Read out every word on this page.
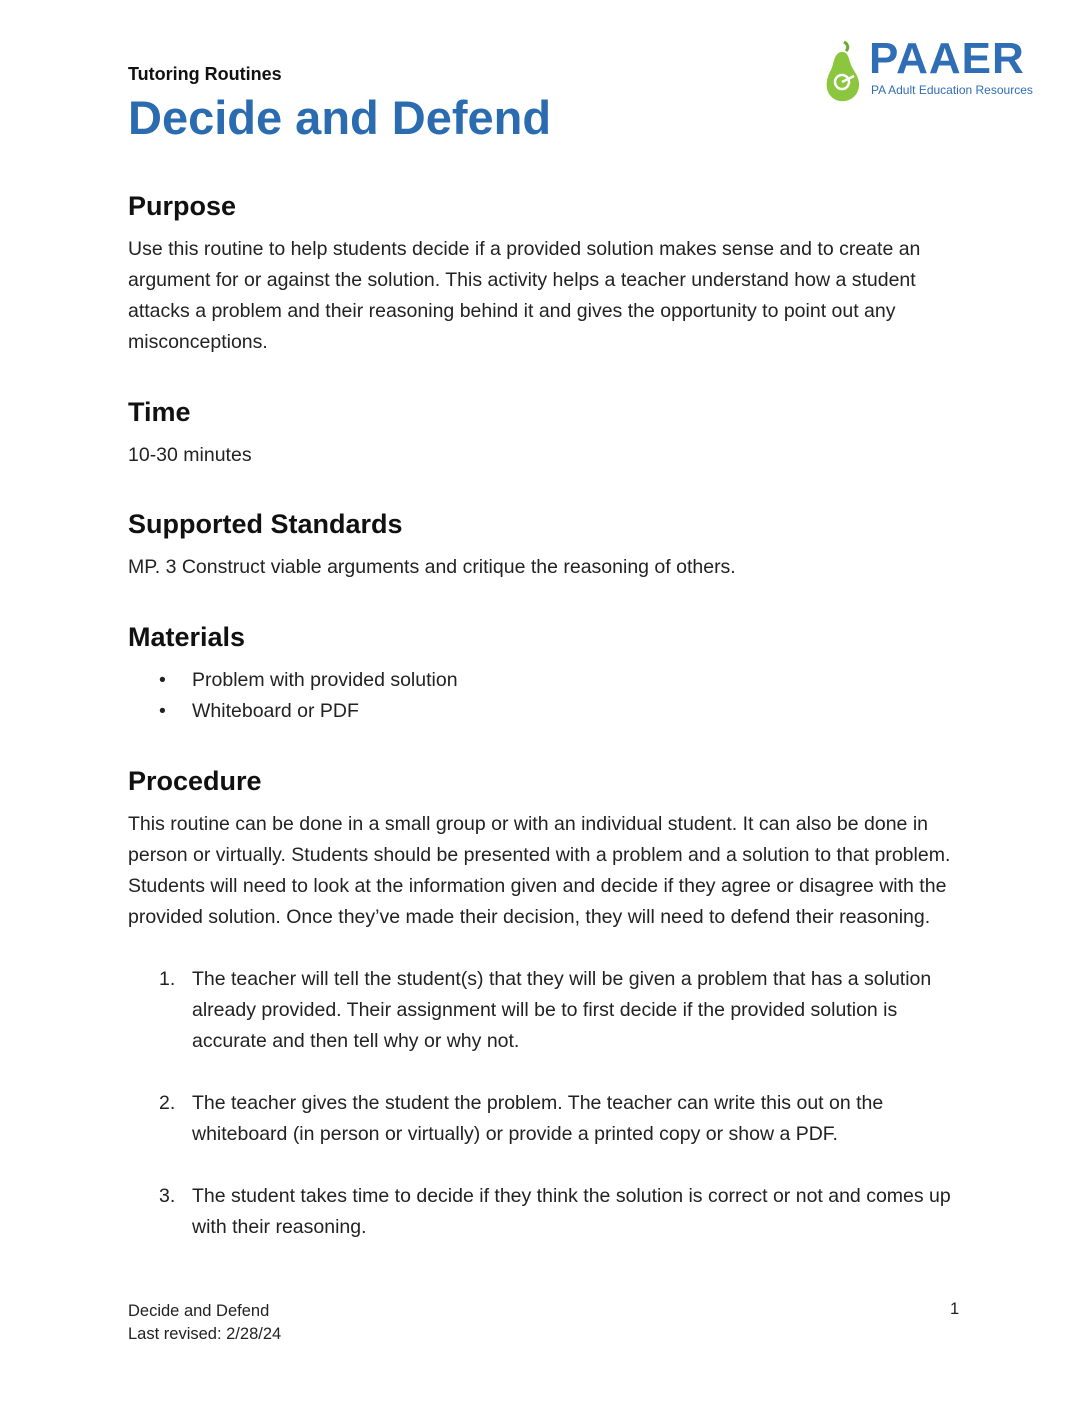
Tutoring Routines
Decide and Defend
PAAER
PA Adult Education Resources
Purpose

Use this routine to help students decide if a provided solution makes sense and to create an argument for or against the solution. This activity helps a teacher understand how a student attacks a problem and their reasoning behind it and gives the opportunity to point out any misconceptions.

Time

10-30 minutes

Supported Standards

MP. 3 Construct viable arguments and critique the reasoning of others.

Materials
• Problem with provided solution
• Whiteboard or PDF
Procedure

This routine can be done in a small group or with an individual student. It can also be done in person or virtually. Students should be presented with a problem and a solution to that problem. Students will need to look at the information given and decide if they agree or disagree with the provided solution. Once they’ve made their decision, they will need to defend their reasoning.

1. The teacher will tell the student(s) that they will be given a problem that has a solution already provided. Their assignment will be to first decide if the provided solution is accurate and then tell why or why not.
2. The teacher gives the student the problem. The teacher can write this out on the whiteboard (in person or virtually) or provide a printed copy or show a PDF.
3. The student takes time to decide if they think the solution is correct or not and comes up with their reasoning.
Decide and Defend
Last revised: 2/28/24
1
